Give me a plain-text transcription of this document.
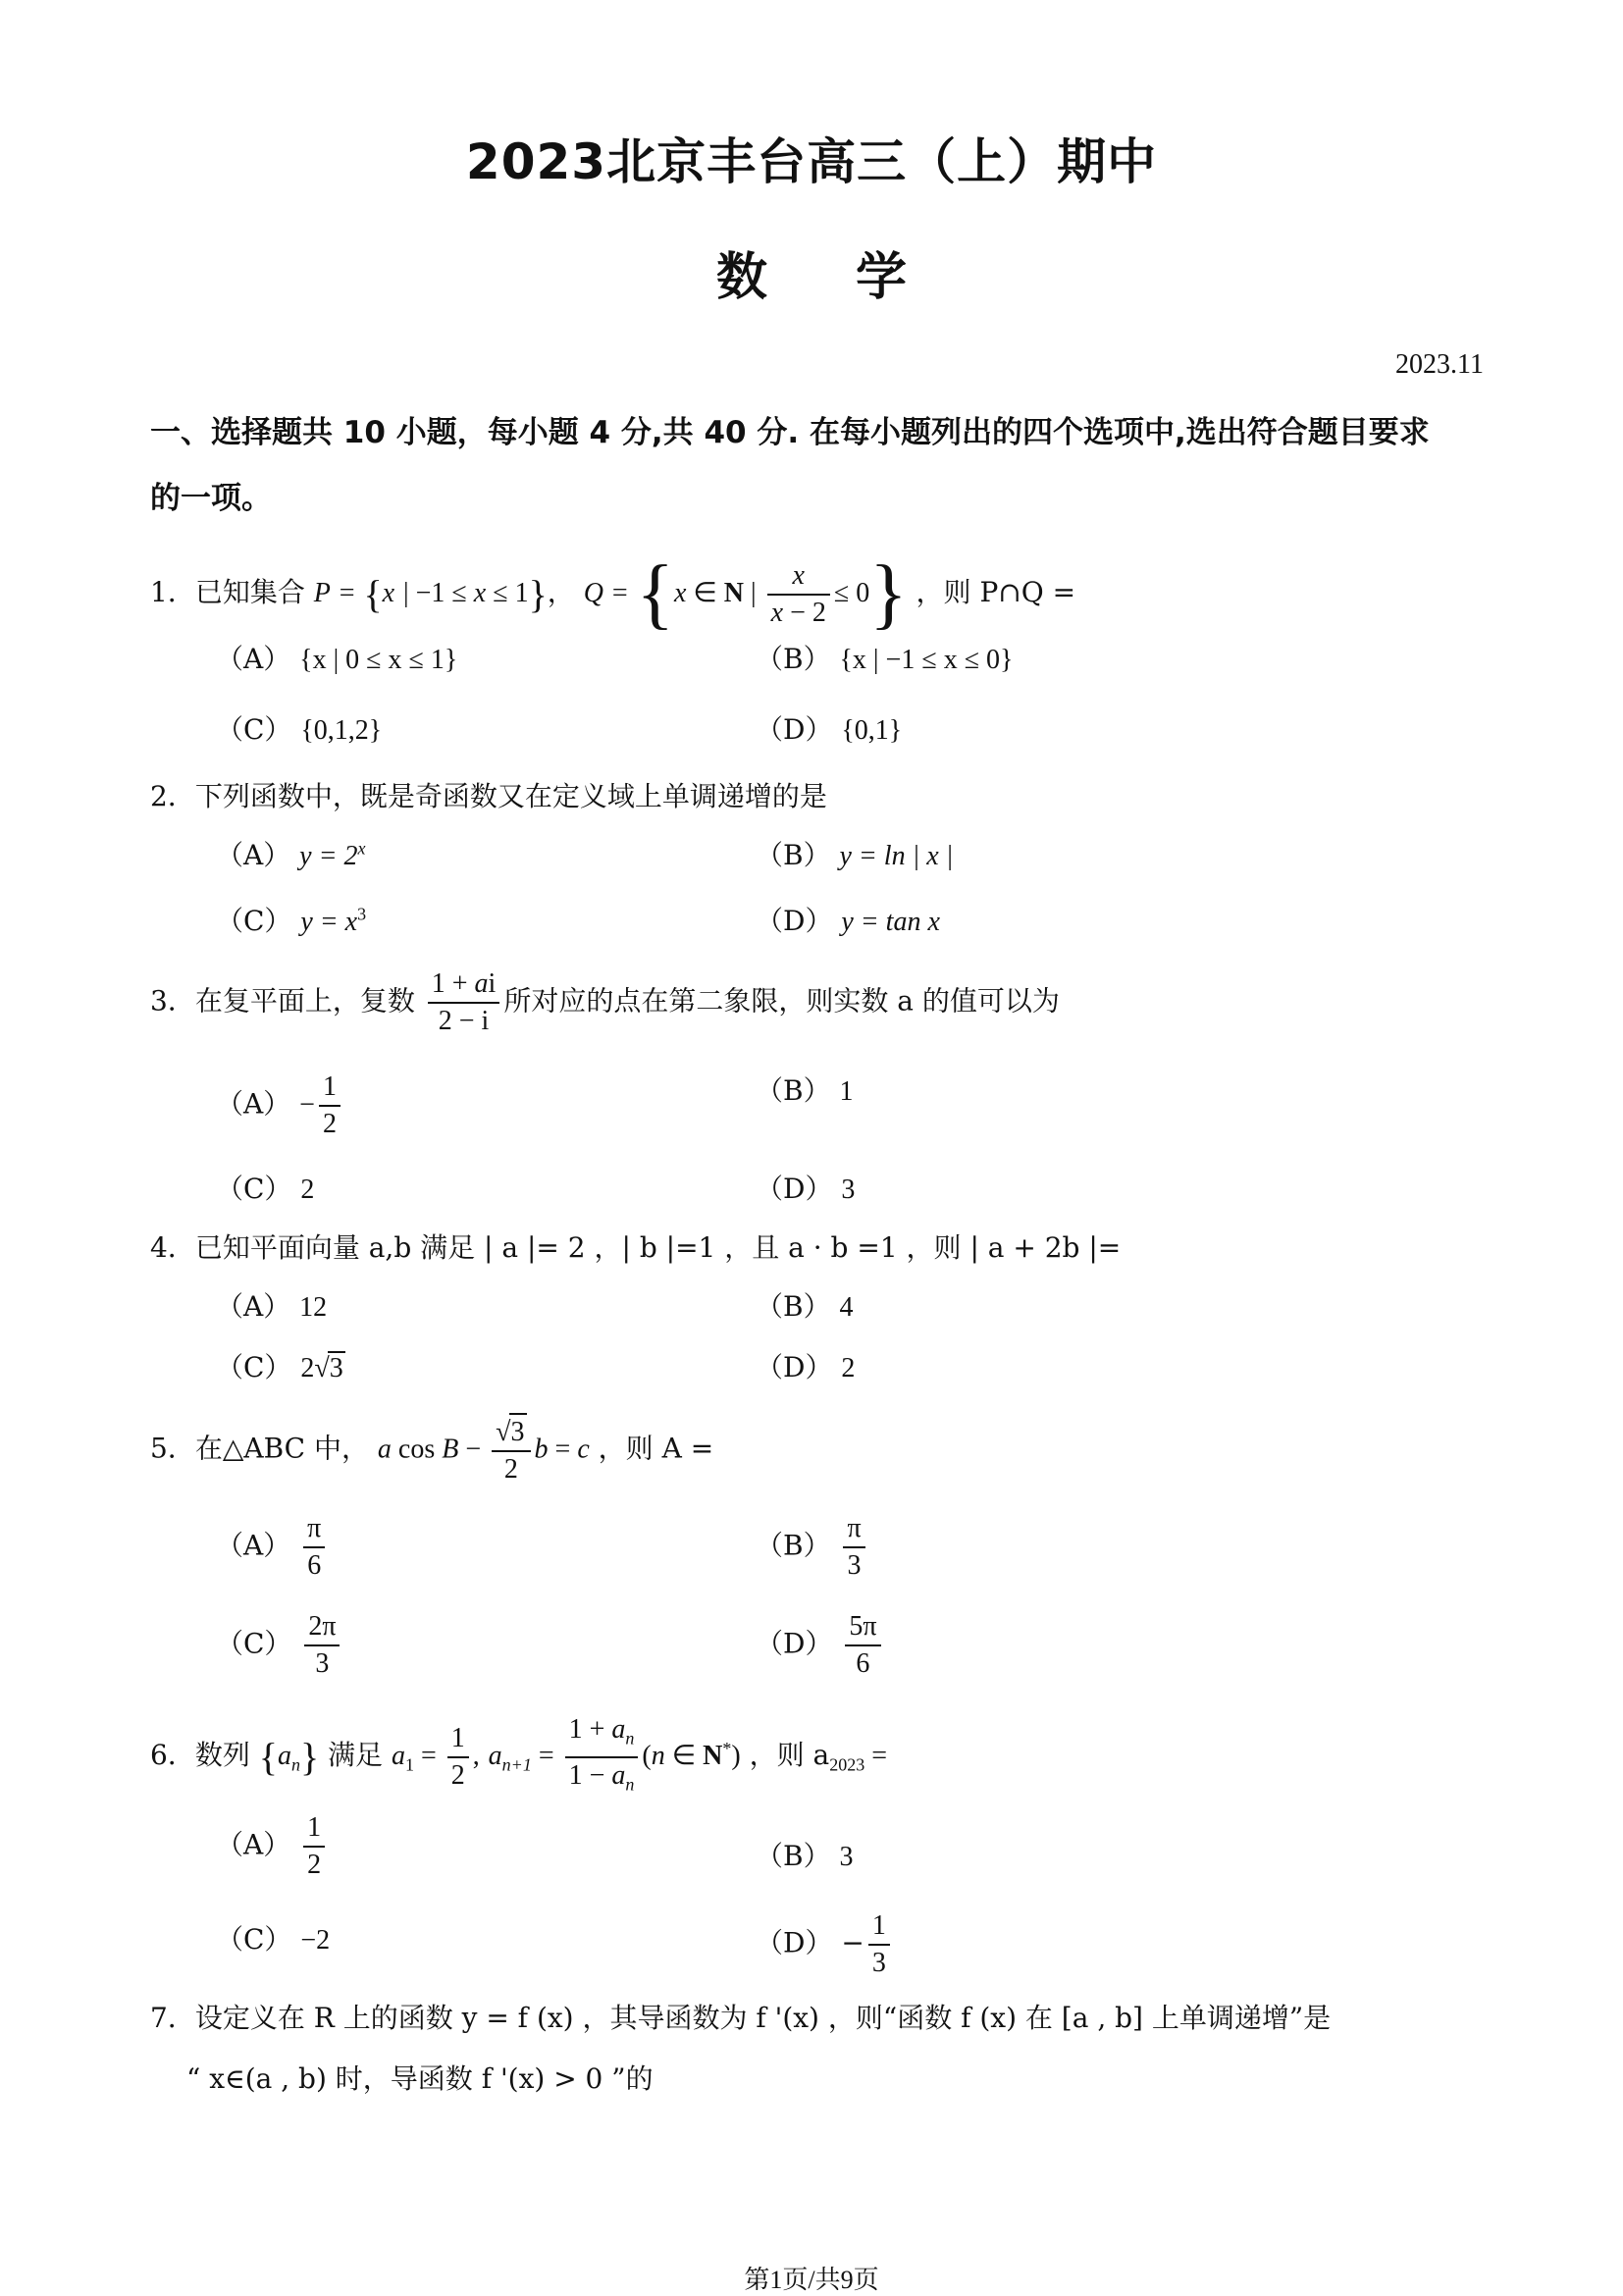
2023北京丰台高三（上）期中
数学
2023.11
一、选择题共 10 小题，每小题 4 分,共 40 分. 在每小题列出的四个选项中,选出符合题目要求
的一项。
1．已知集合 P = {x | −1 ≤ x ≤ 1}， Q = {x ∈ N | $\frac{x}{x - 2} \le 0$} ，则 P∩Q =
（A） {x | 0 ≤ x ≤ 1}	（B） {x | −1 ≤ x ≤ 0}
（C） {0,1,2}	（D） {0,1}
2．下列函数中，既是奇函数又在定义域上单调递增的是
（A） $y = 2^x$	（B） y = ln | x |
（C） $y = x^3$	（D） y = tan x
3．在复平面上，复数 $\frac{1 + ai}{2 - i}$ 所对应的点在第二象限，则实数 a 的值可以为
$(A) - \frac{1}{2}$	（B） 1
（C） 2	（D） 3
4．已知平面向量 a,b 满足 | a |= 2 ，| b |=1 ，且 a · b =1 ，则 | a + 2b |=
（A） 12	（B） 4
（C） 2√3	（D） 2
5．在△ABC 中， a $\cos B - \frac{√3}{2}$ b = c ，则 A =
$(A) \frac{\pi}{6}$	$(B) \frac{\pi}{3}$
$(C) \frac{2\pi}{3}$	$(D) \frac{5\pi}{6}$
6．数列 $\{a_n\}$ 满足 $a_1 = \frac{1}{2}$ , $a_{n+1} = \frac{1 + a_n}{1 - a_n} (n$ ∈ N*) ，则 $a_{2023}$ =
$(A) \frac{1}{2}$	（B） 3
（C） −2	$(D) - \frac{1}{3}$
7．设定义在 R 上的函数 y = f (x) ，其导函数为 f '(x) ，则“函数 f (x) 在 [a , b] 上单调递增”是
“ x∈(a , b) 时，导函数 f '(x) > 0 ”的
第1页/共9页
